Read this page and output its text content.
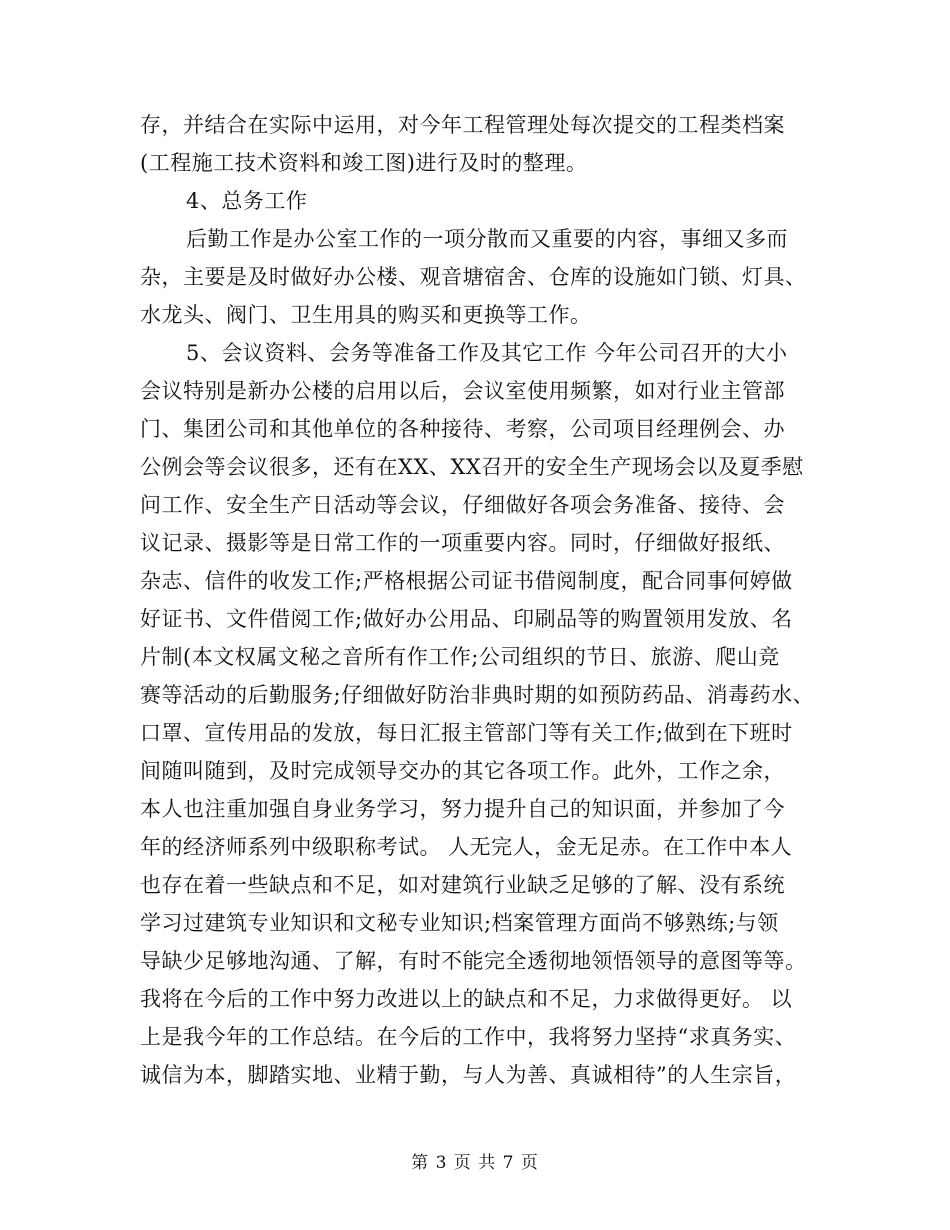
存，并结合在实际中运用，对今年工程管理处每次提交的工程类档案
(工程施工技术资料和竣工图)进行及时的整理。
4、总务工作
后勤工作是办公室工作的一项分散而又重要的内容，事细又多而
杂，主要是及时做好办公楼、观音塘宿舍、仓库的设施如门锁、灯具、
水龙头、阀门、卫生用具的购买和更换等工作。
5、会议资料、会务等准备工作及其它工作 今年公司召开的大小
会议特别是新办公楼的启用以后，会议室使用频繁，如对行业主管部
门、集团公司和其他单位的各种接待、考察，公司项目经理例会、办
公例会等会议很多，还有在XX、XX召开的安全生产现场会以及夏季慰
问工作、安全生产日活动等会议，仔细做好各项会务准备、接待、会
议记录、摄影等是日常工作的一项重要内容。同时，仔细做好报纸、
杂志、信件的收发工作;严格根据公司证书借阅制度，配合同事何婷做
好证书、文件借阅工作;做好办公用品、印刷品等的购置领用发放、名
片制(本文权属文秘之音所有作工作;公司组织的节日、旅游、爬山竞
赛等活动的后勤服务;仔细做好防治非典时期的如预防药品、消毒药水、
口罩、宣传用品的发放，每日汇报主管部门等有关工作;做到在下班时
间随叫随到，及时完成领导交办的其它各项工作。此外，工作之余，
本人也注重加强自身业务学习，努力提升自己的知识面，并参加了今
年的经济师系列中级职称考试。 人无完人，金无足赤。在工作中本人
也存在着一些缺点和不足，如对建筑行业缺乏足够的了解、没有系统
学习过建筑专业知识和文秘专业知识;档案管理方面尚不够熟练;与领
导缺少足够地沟通、了解，有时不能完全透彻地领悟领导的意图等等。
我将在今后的工作中努力改进以上的缺点和不足，力求做得更好。 以
上是我今年的工作总结。在今后的工作中，我将努力坚持“求真务实、
诚信为本，脚踏实地、业精于勤，与人为善、真诚相待”的人生宗旨，
第 3 页 共 7 页
